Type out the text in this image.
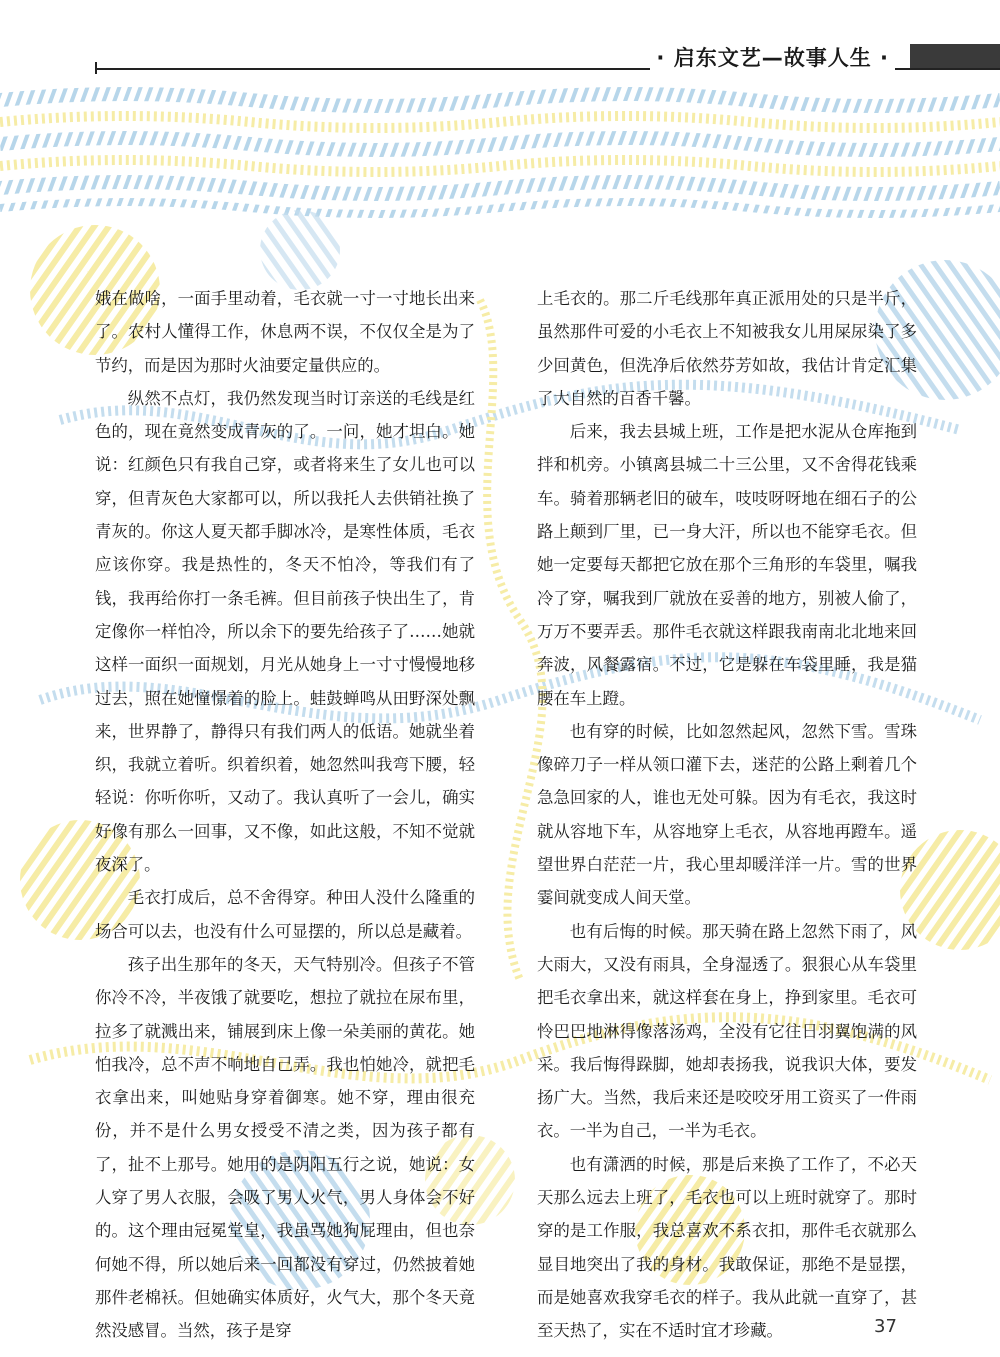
· 启东文艺—故事人生 ·

娥在做啥，一面手里动着，毛衣就一寸一寸地长出来了。农村人懂得工作，休息两不误，不仅仅全是为了节约，而是因为那时火油要定量供应的。

纵然不点灯，我仍然发现当时订亲送的毛线是红色的，现在竟然变成青灰的了。一问，她才坦白。她说：红颜色只有我自己穿，或者将来生了女儿也可以穿，但青灰色大家都可以，所以我托人去供销社换了青灰的。你这人夏天都手脚冰冷，是寒性体质，毛衣应该你穿。我是热性的，冬天不怕冷，等我们有了钱，我再给你打一条毛裤。但目前孩子快出生了，肯定像你一样怕冷，所以余下的要先给孩子了……她就这样一面织一面规划，月光从她身上一寸寸慢慢地移过去，照在她憧憬着的脸上。蛙鼓蝉鸣从田野深处飘来，世界静了，静得只有我们两人的低语。她就坐着织，我就立着听。织着织着，她忽然叫我弯下腰，轻轻说：你听你听，又动了。我认真听了一会儿，确实好像有那么一回事，又不像，如此这般，不知不觉就夜深了。

毛衣打成后，总不舍得穿。种田人没什么隆重的场合可以去，也没有什么可显摆的，所以总是藏着。

孩子出生那年的冬天，天气特别冷。但孩子不管你冷不冷，半夜饿了就要吃，想拉了就拉在尿布里，拉多了就溅出来，铺展到床上像一朵美丽的黄花。她怕我冷，总不声不响地自己弄。我也怕她冷，就把毛衣拿出来，叫她贴身穿着御寒。她不穿，理由很充份，并不是什么男女授受不清之类，因为孩子都有了，扯不上那号。她用的是阴阳五行之说，她说：女人穿了男人衣服，会吸了男人火气，男人身体会不好的。这个理由冠冕堂皇，我虽骂她狗屁理由，但也奈何她不得，所以她后来一回都没有穿过，仍然披着她那件老棉袄。但她确实体质好，火气大，那个冬天竟然没感冒。当然，孩子是穿

上毛衣的。那二斤毛线那年真正派用处的只是半斤，虽然那件可爱的小毛衣上不知被我女儿用屎尿染了多少回黄色，但洗净后依然芬芳如故，我估计肯定汇集了大自然的百香千馨。

后来，我去县城上班，工作是把水泥从仓库拖到拌和机旁。小镇离县城二十三公里，又不舍得花钱乘车。骑着那辆老旧的破车，吱吱呀呀地在细石子的公路上颠到厂里，已一身大汗，所以也不能穿毛衣。但她一定要每天都把它放在那个三角形的车袋里，嘱我冷了穿，嘱我到厂就放在妥善的地方，别被人偷了，万万不要弄丢。那件毛衣就这样跟我南南北北地来回奔波，风餐露宿。不过，它是躲在车袋里睡，我是猫腰在车上蹬。

也有穿的时候，比如忽然起风，忽然下雪。雪珠像碎刀子一样从领口灌下去，迷茫的公路上剩着几个急急回家的人，谁也无处可躲。因为有毛衣，我这时就从容地下车，从容地穿上毛衣，从容地再蹬车。遥望世界白茫茫一片，我心里却暖洋洋一片。雪的世界霎间就变成人间天堂。

也有后悔的时候。那天骑在路上忽然下雨了，风大雨大，又没有雨具，全身湿透了。狠狠心从车袋里把毛衣拿出来，就这样套在身上，挣到家里。毛衣可怜巴巴地淋得像落汤鸡，全没有它往日羽翼饱满的风采。我后悔得跺脚，她却表扬我，说我识大体，要发扬广大。当然，我后来还是咬咬牙用工资买了一件雨衣。一半为自己，一半为毛衣。

也有潇洒的时候，那是后来换了工作了，不必天天那么远去上班了，毛衣也可以上班时就穿了。那时穿的是工作服，我总喜欢不系衣扣，那件毛衣就那么显目地突出了我的身材。我敢保证，那绝不是显摆，而是她喜欢我穿毛衣的样子。我从此就一直穿了，甚至天热了，实在不适时宜才珍藏。	37
